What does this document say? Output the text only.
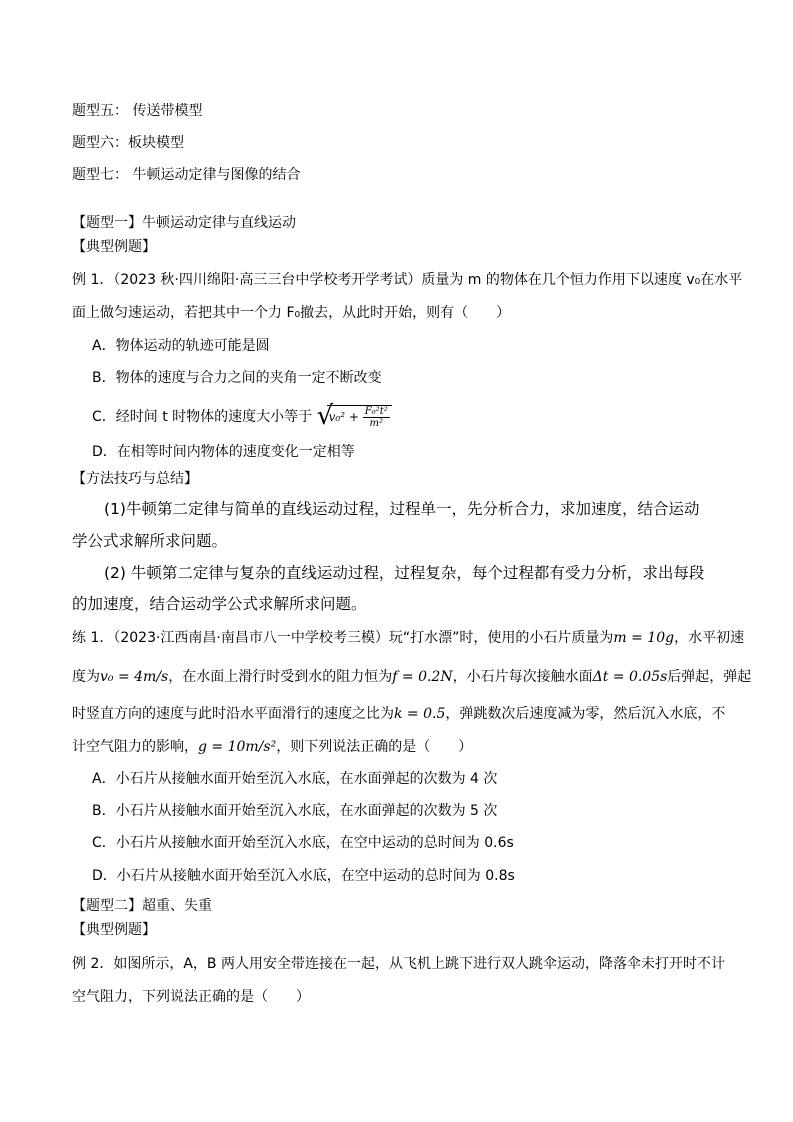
题型五： 传送带模型
题型六：板块模型
题型七： 牛顿运动定律与图像的结合
【题型一】牛顿运动定律与直线运动
【典型例题】
例 1．（2023 秋·四川绵阳·高三三台中学校考开学考试）质量为 m 的物体在几个恒力作用下以速度 v₀在水平
面上做匀速运动，若把其中一个力 F₀撤去，从此时开始，则有（　　）
A．物体运动的轨迹可能是圆
B．物体的速度与合力之间的夹角一定不断改变
C．经时间 t 时物体的速度大小等于 √
$v_0^2 + \frac{\text{F₀²t²}}{\text{m²}}$
D．在相等时间内物体的速度变化一定相等
【方法技巧与总结】
(1)牛顿第二定律与简单的直线运动过程，过程单一，先分析合力，求加速度，结合运动
学公式求解所求问题。
(2) 牛顿第二定律与复杂的直线运动过程，过程复杂，每个过程都有受力分析，求出每段
的加速度，结合运动学公式求解所求问题。
练 1．（2023·江西南昌·南昌市八一中学校考三模）玩“打水漂”时，使用的小石片质量为m = 10g，水平初速
度为v₀ = 4m/s，在水面上滑行时受到水的阻力恒为f = 0.2N，小石片每次接触水面Δt = 0.05s后弹起，弹起
时竖直方向的速度与此时沿水平面滑行的速度之比为k = 0.5，弹跳数次后速度减为零，然后沉入水底，不
计空气阻力的影响，g = 10m/s²，则下列说法正确的是（　　）
A．小石片从接触水面开始至沉入水底，在水面弹起的次数为 4 次
B．小石片从接触水面开始至沉入水底，在水面弹起的次数为 5 次
C．小石片从接触水面开始至沉入水底，在空中运动的总时间为 0.6s
D．小石片从接触水面开始至沉入水底，在空中运动的总时间为 0.8s
【题型二】超重、失重
【典型例题】
例 2．如图所示，A，B 两人用安全带连接在一起，从飞机上跳下进行双人跳伞运动，降落伞未打开时不计
空气阻力，下列说法正确的是（　　）
